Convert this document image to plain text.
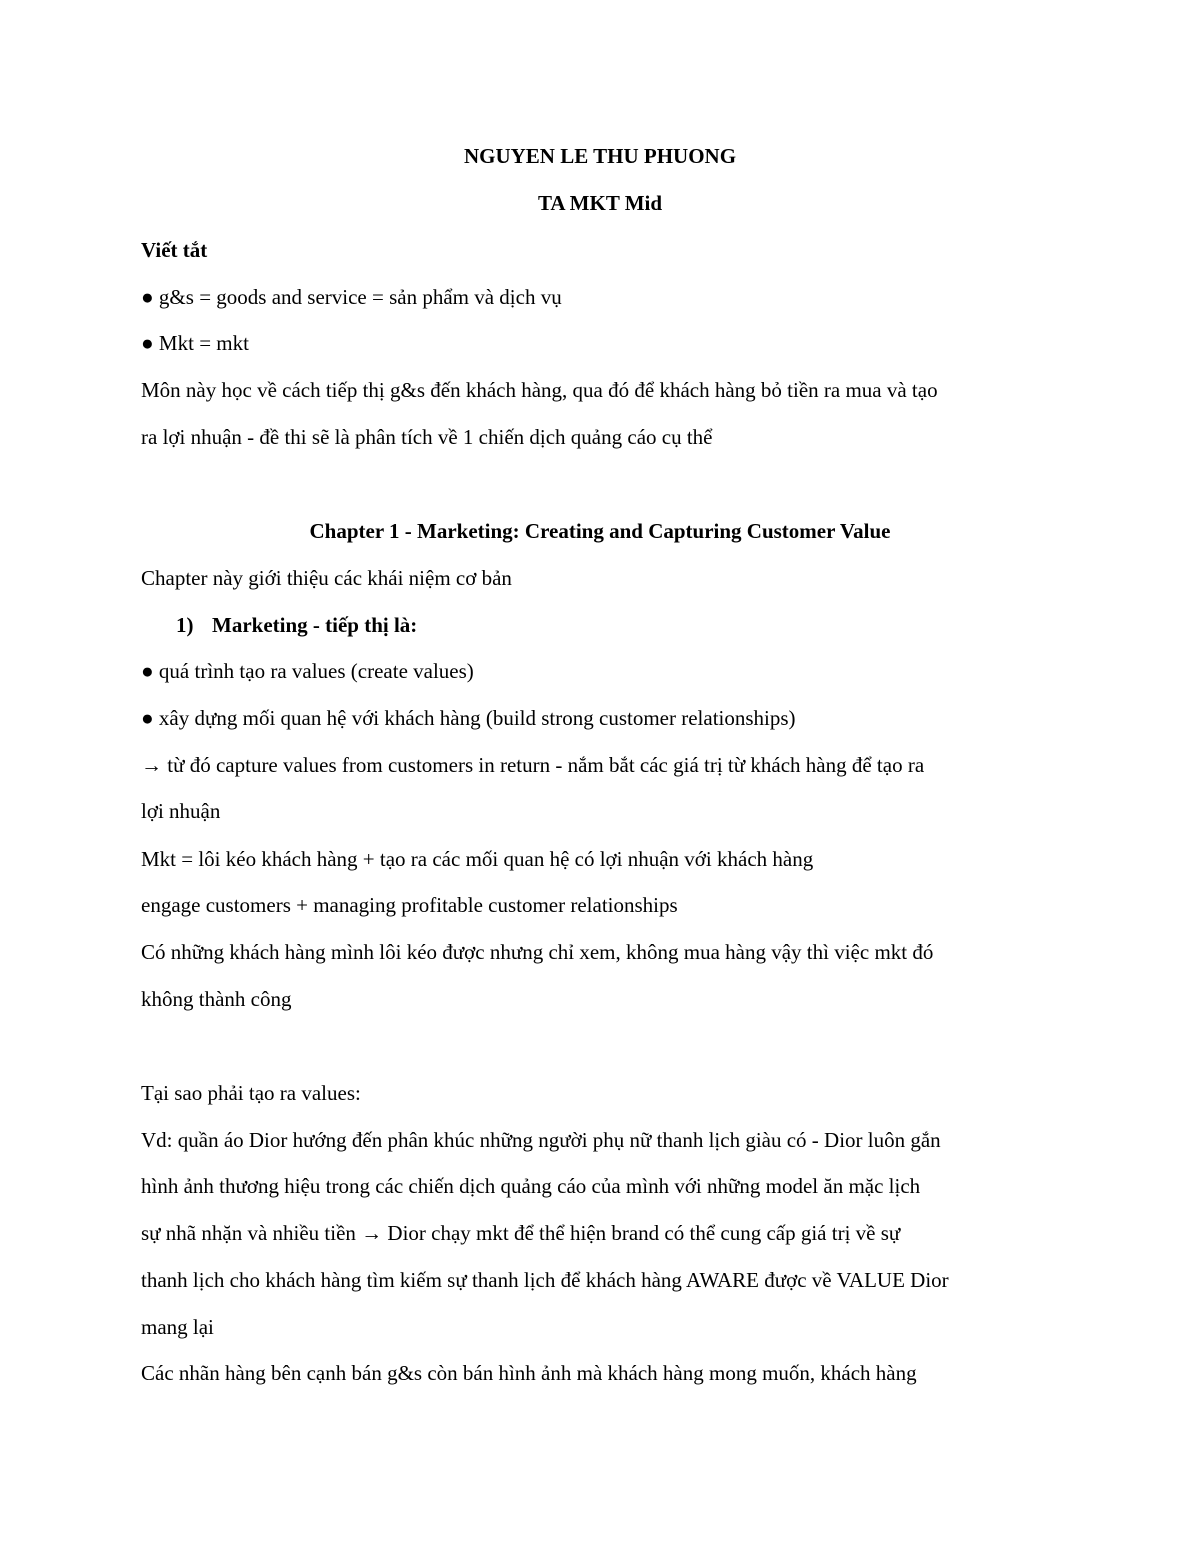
NGUYEN LE THU PHUONG
TA MKT Mid
Viết tắt
● g&s = goods and service = sản phẩm và dịch vụ
● Mkt = mkt
Môn này học về cách tiếp thị g&s đến khách hàng, qua đó để khách hàng bỏ tiền ra mua và tạo
ra lợi nhuận - đề thi sẽ là phân tích về 1 chiến dịch quảng cáo cụ thể
Chapter 1 - Marketing: Creating and Capturing Customer Value
Chapter này giới thiệu các khái niệm cơ bản
1) Marketing - tiếp thị là:
● quá trình tạo ra values (create values)
● xây dựng mối quan hệ với khách hàng (build strong customer relationships)
→ từ đó capture values from customers in return - nắm bắt các giá trị từ khách hàng để tạo ra
lợi nhuận
Mkt = lôi kéo khách hàng + tạo ra các mối quan hệ có lợi nhuận với khách hàng
engage customers + managing profitable customer relationships
Có những khách hàng mình lôi kéo được nhưng chỉ xem, không mua hàng vậy thì việc mkt đó
không thành công
Tại sao phải tạo ra values:
Vd: quần áo Dior hướng đến phân khúc những người phụ nữ thanh lịch giàu có - Dior luôn gắn
hình ảnh thương hiệu trong các chiến dịch quảng cáo của mình với những model ăn mặc lịch
sự nhã nhặn và nhiều tiền → Dior chạy mkt để thể hiện brand có thể cung cấp giá trị về sự
thanh lịch cho khách hàng tìm kiếm sự thanh lịch để khách hàng AWARE được về VALUE Dior
mang lại
Các nhãn hàng bên cạnh bán g&s còn bán hình ảnh mà khách hàng mong muốn, khách hàng
